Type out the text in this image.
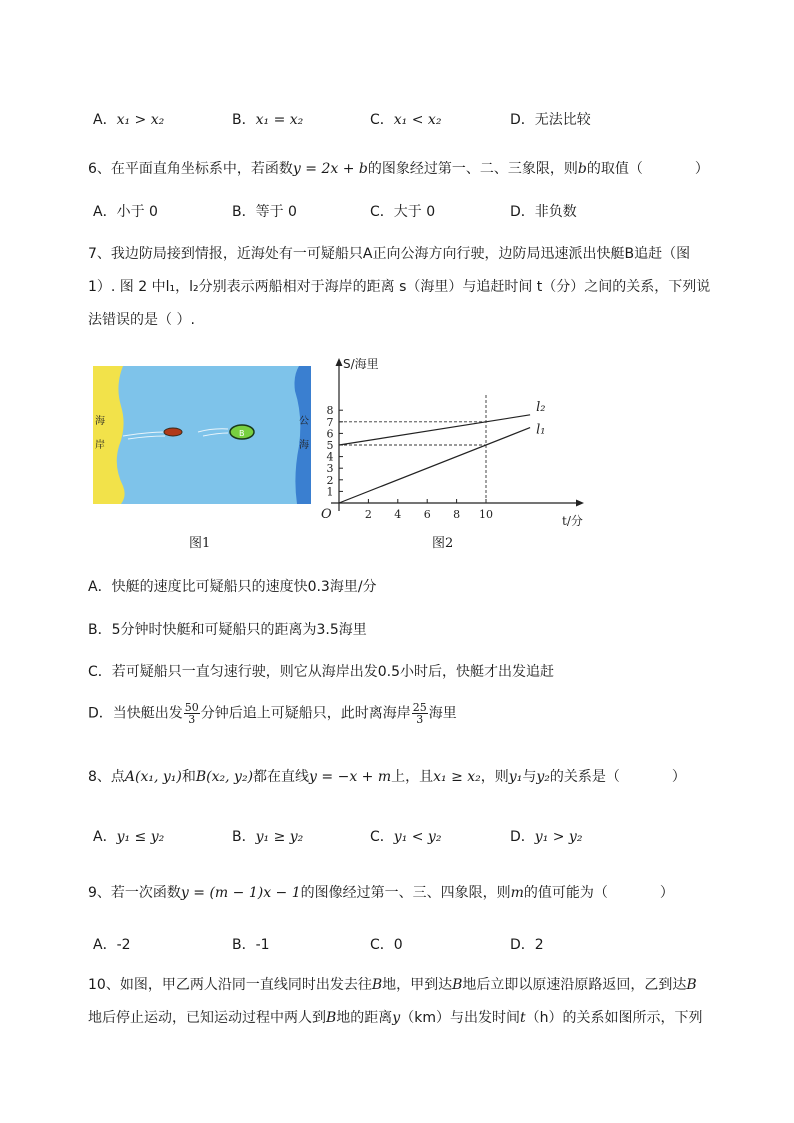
A．x₁ > x₂	B．x₁ = x₂	C．x₁ < x₂	D．无法比较
6、在平面直角坐标系中，若函数y = 2x + b的图象经过第一、二、三象限，则b的取值（	）
A．小于 0	B．等于 0	C．大于 0	D．非负数
7、我边防局接到情报，近海处有一可疑船只A正向公海方向行驶，边防局迅速派出快艇B追赶（图
1）. 图 2 中l₁，l₂分别表示两船相对于海岸的距离 s（海里）与追赶时间 t（分）之间的关系，下列说
法错误的是（ ）.
海
岸
公
海
B
图1
S/海里
t/分
O	2 4 6 8 10
1
2
3
4
5
6
7
8	l₂
l₁
图2
A．快艇的速度比可疑船只的速度快0.3海里/分
B．5分钟时快艇和可疑船只的距离为3.5海里
C．若可疑船只一直匀速行驶，则它从海岸出发0.5小时后，快艇才出发追赶
D．当快艇出发 $\frac{50}{3}$ 分钟后追上可疑船只，此时离海岸 $\frac{25}{3}$ 海里
8、点A(x₁, y₁)和B(x₂, y₂)都在直线y = −x + m上，且x₁ ≥ x₂，则y₁与y₂的关系是（	）
A．y₁ ≤ y₂	B．y₁ ≥ y₂	C．y₁ < y₂	D．y₁ > y₂
9、若一次函数y = (m − 1)x − 1的图像经过第一、三、四象限，则m的值可能为（	）
A．-2	B．-1	C．0	D．2
10、如图，甲乙两人沿同一直线同时出发去往B地，甲到达B地后立即以原速沿原路返回，乙到达B
地后停止运动，已知运动过程中两人到B地的距离y（km）与出发时间t（h）的关系如图所示，下列
